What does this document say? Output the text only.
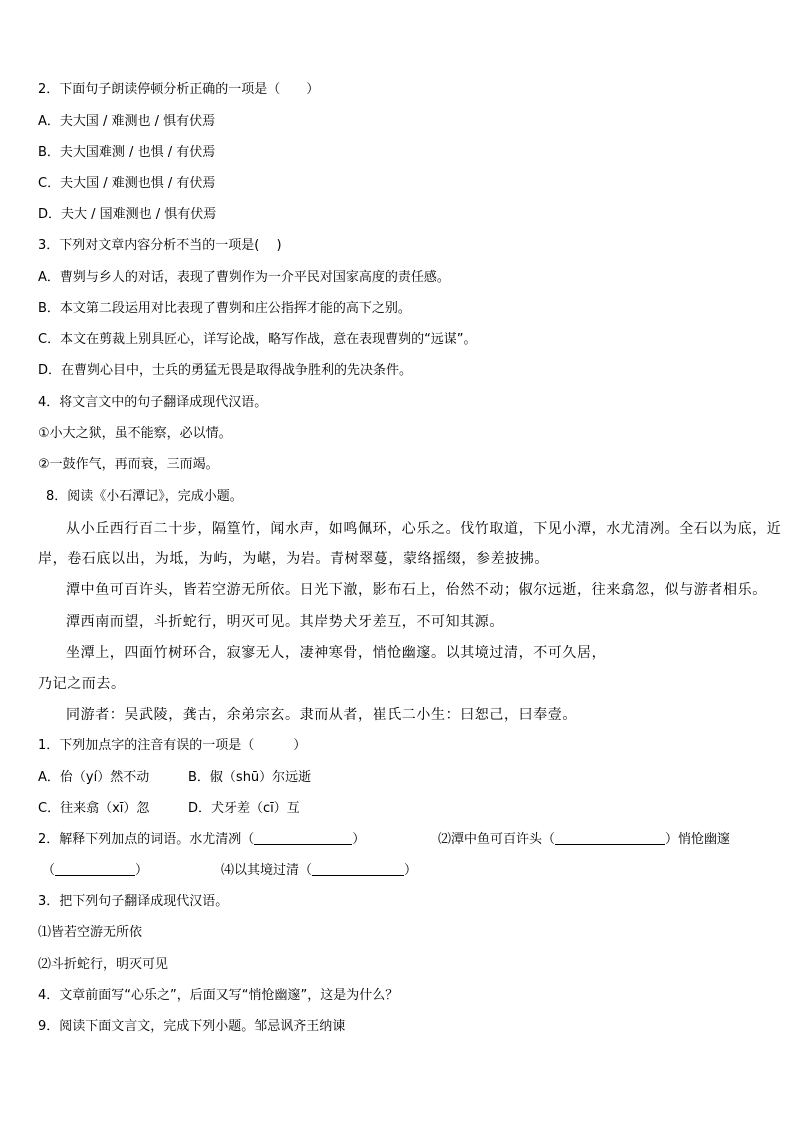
2．下面句子朗读停顿分析正确的一项是（　　）
A．夫大国 / 难测也 / 惧有伏焉
B．夫大国难测 / 也惧 / 有伏焉
C．夫大国 / 难测也惧 / 有伏焉
D．夫大 / 国难测也 / 惧有伏焉
3．下列对文章内容分析不当的一项是(　 )
A．曹刿与乡人的对话，表现了曹刿作为一介平民对国家高度的责任感。
B．本文第二段运用对比表现了曹刿和庄公指挥才能的高下之别。
C．本文在剪裁上别具匠心，详写论战，略写作战，意在表现曹刿的“远谋”。
D．在曹刿心目中，士兵的勇猛无畏是取得战争胜利的先决条件。
4．将文言文中的句子翻译成现代汉语。
①小大之狱，虽不能察，必以情。
②一鼓作气，再而衰，三而竭。
8．阅读《小石潭记》，完成小题。
从小丘西行百二十步，隔篁竹，闻水声，如鸣佩环，心乐之。伐竹取道，下见小潭，水尤清冽。全石以为底，近
岸，卷石底以出，为坻，为屿，为嵁，为岩。青树翠蔓，蒙络摇缀，参差披拂。
潭中鱼可百许头，皆若空游无所依。日光下澈，影布石上，佁然不动；俶尔远逝，往来翕忽，似与游者相乐。
潭西南而望，斗折蛇行，明灭可见。其岸势犬牙差互，不可知其源。
坐潭上，四面竹树环合，寂寥无人，凄神寒骨，悄怆幽邃。以其境过清，不可久居，
乃记之而去。
同游者：吴武陵，龚古，余弟宗玄。隶而从者，崔氏二小生：曰恕己，曰奉壹。
1．下列加点字的注音有误的一项是（　　　）
A．佁（yí）然不动	B．俶（shū）尔远逝
C．往来翕（xī）忽	D．犬牙差（cī）互
2．解释下列加点的词语。水尤清冽（	）	⑵潭中鱼可百许头（	）悄怆幽邃
（	）	⑷以其境过清（	）
3．把下列句子翻译成现代汉语。
⑴皆若空游无所依
⑵斗折蛇行，明灭可见
4．文章前面写“心乐之”，后面又写“悄怆幽邃”，这是为什么？
9．阅读下面文言文，完成下列小题。邹忌讽齐王纳谏
